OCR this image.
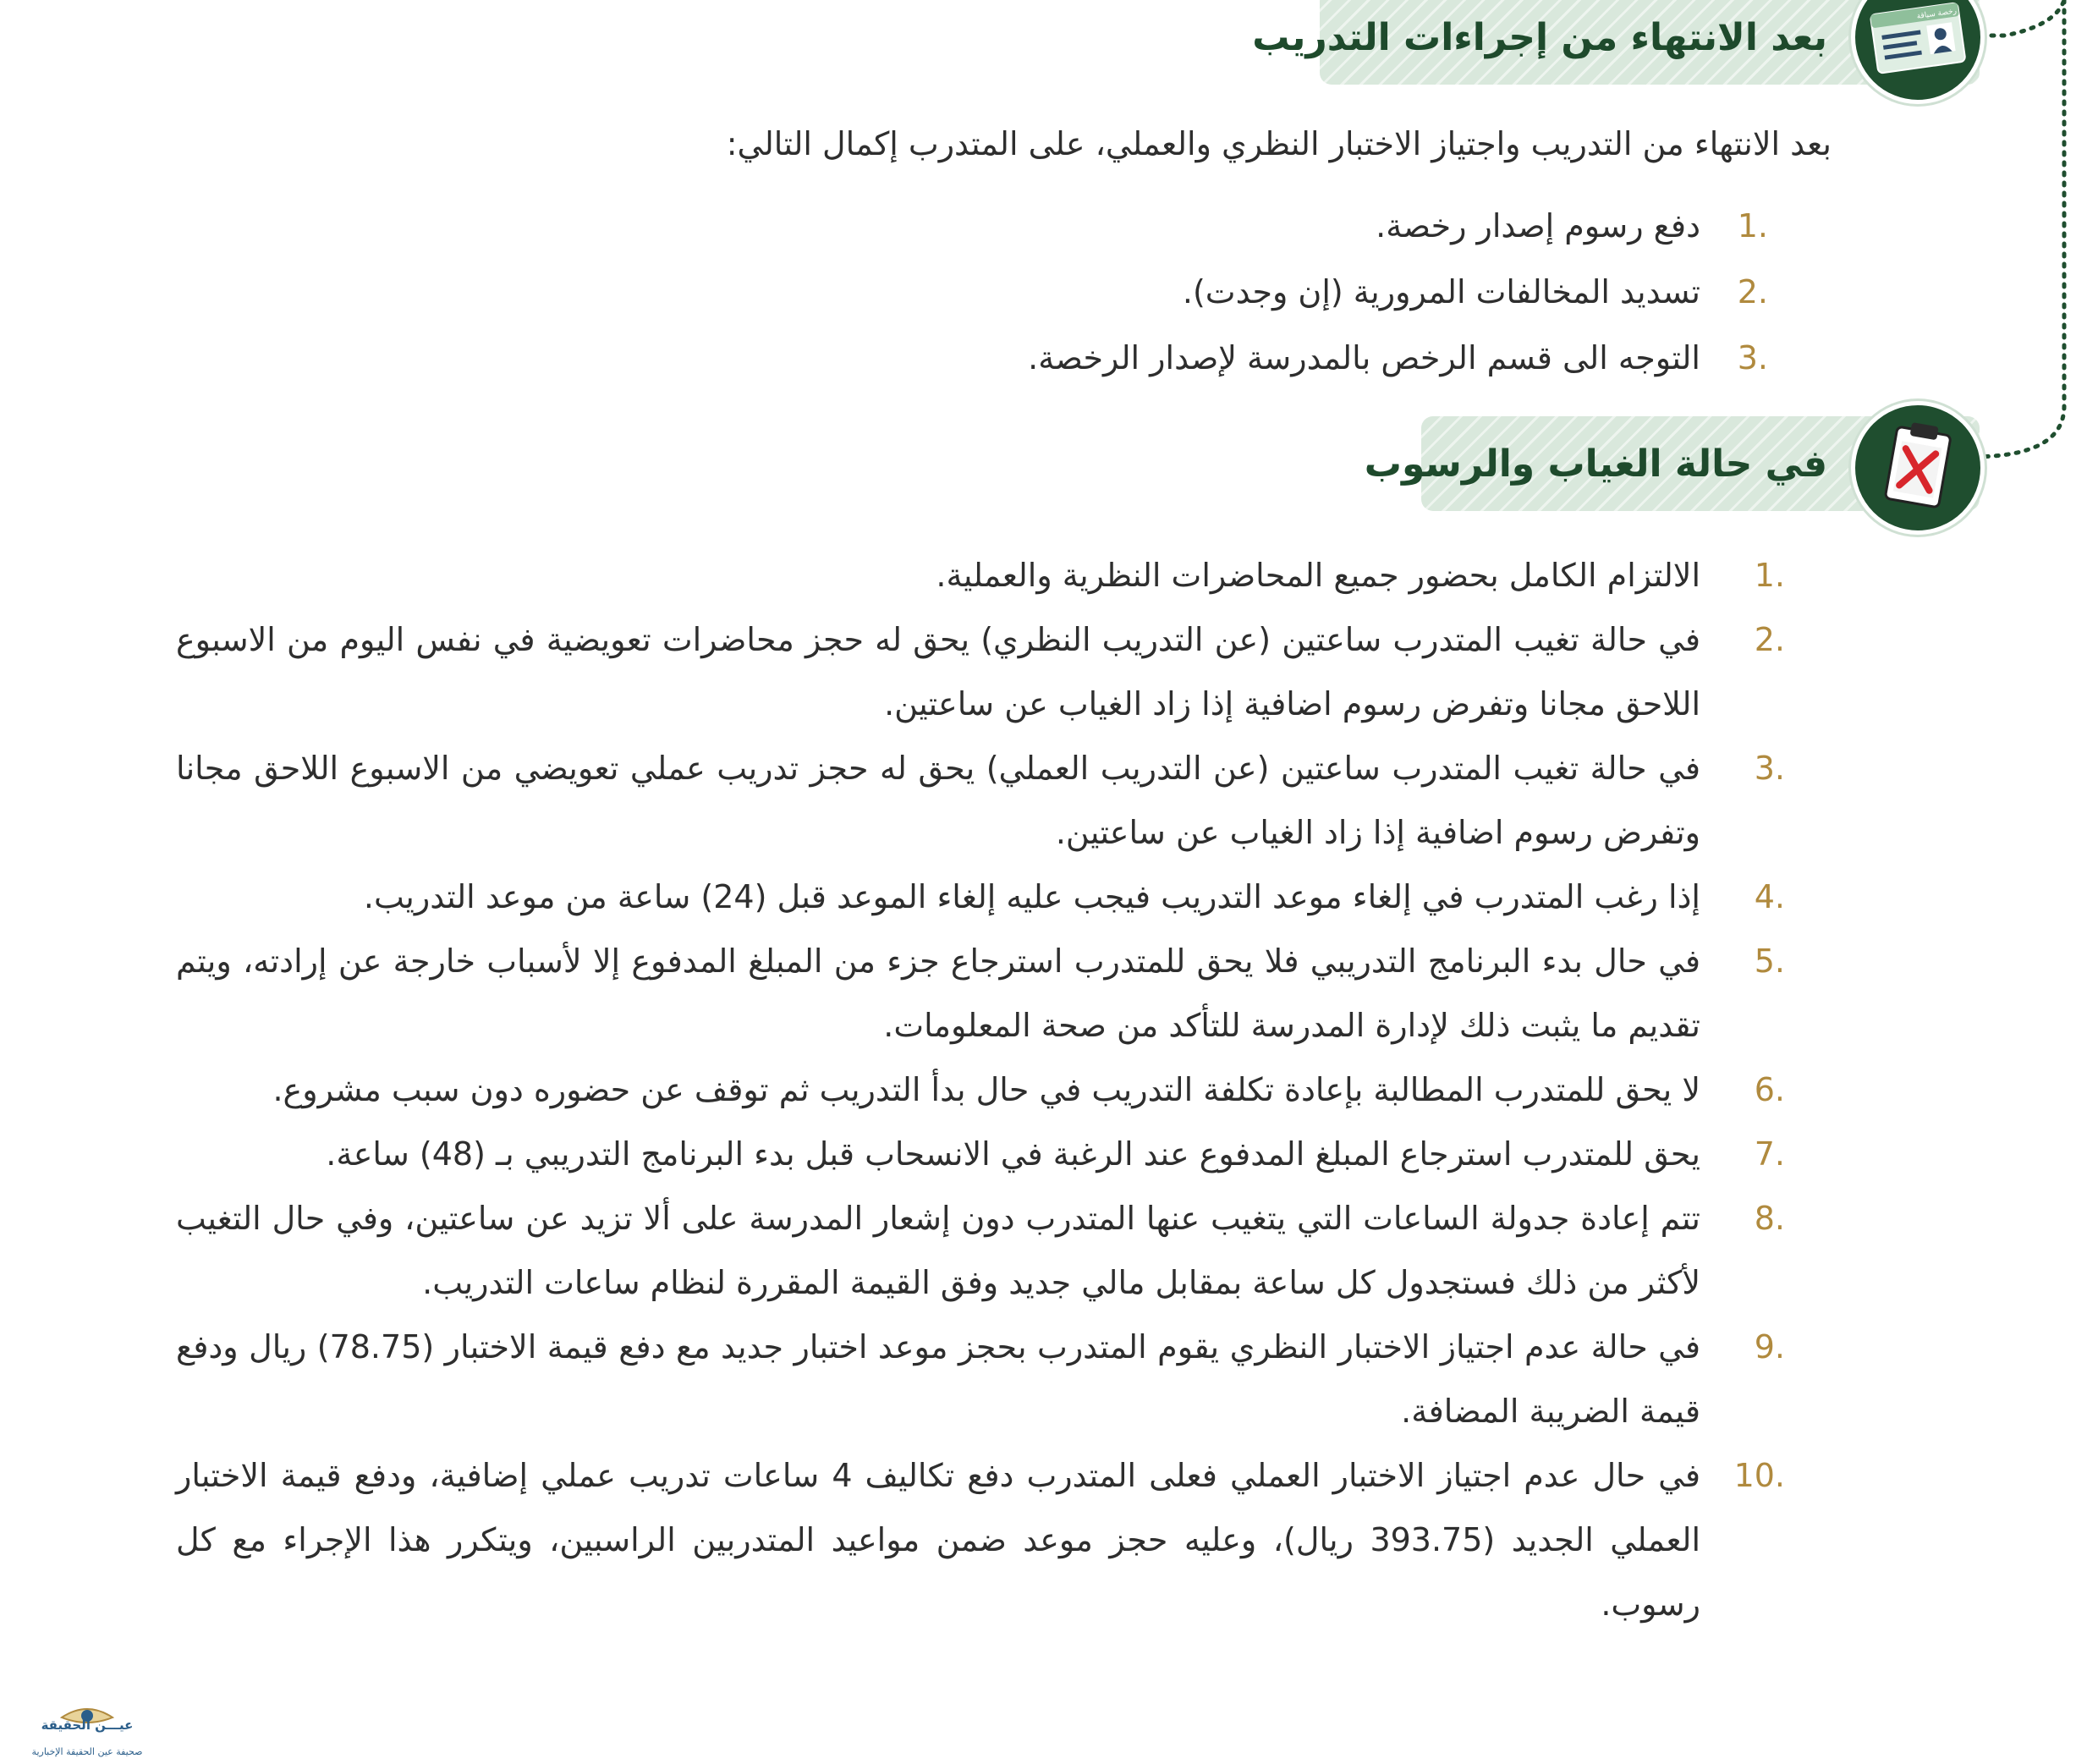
بعد الانتهاء من إجراءات التدريب
رخصة سياقة
بعد الانتهاء من التدريب واجتياز الاختبار النظري والعملي، على المتدرب إكمال التالي:
1.
دفع رسوم إصدار رخصة.
2.
تسديد المخالفات المرورية (إن وجدت).
3.
التوجه الى قسم الرخص بالمدرسة لإصدار الرخصة.
في حالة الغياب والرسوب
1.
الالتزام الكامل بحضور جميع المحاضرات النظرية والعملية.
2.
في حالة تغيب المتدرب ساعتين (عن التدريب النظري) يحق له حجز محاضرات تعويضية في نفس اليوم من الاسبوع اللاحق مجانا وتفرض رسوم اضافية إذا زاد الغياب عن ساعتين.
3.
في حالة تغيب المتدرب ساعتين (عن التدريب العملي) يحق له حجز تدريب عملي تعويضي من الاسبوع اللاحق مجانا وتفرض رسوم اضافية إذا زاد الغياب عن ساعتين.
4.
إذا رغب المتدرب في إلغاء موعد التدريب فيجب عليه إلغاء الموعد قبل (24) ساعة من موعد التدريب.
5.
في حال بدء البرنامج التدريبي فلا يحق للمتدرب استرجاع جزء من المبلغ المدفوع إلا لأسباب خارجة عن إرادته، ويتم تقديم ما يثبت ذلك لإدارة المدرسة للتأكد من صحة المعلومات.
6.
لا يحق للمتدرب المطالبة بإعادة تكلفة التدريب في حال بدأ التدريب ثم توقف عن حضوره دون سبب مشروع.
7.
يحق للمتدرب استرجاع المبلغ المدفوع عند الرغبة في الانسحاب قبل بدء البرنامج التدريبي بـ (48) ساعة.
8.
تتم إعادة جدولة الساعات التي يتغيب عنها المتدرب دون إشعار المدرسة على ألا تزيد عن ساعتين، وفي حال التغيب لأكثر من ذلك فستجدول كل ساعة بمقابل مالي جديد وفق القيمة المقررة لنظام ساعات التدريب.
9.
في حالة عدم اجتياز الاختبار النظري يقوم المتدرب بحجز موعد اختبار جديد مع دفع قيمة الاختبار (78.75) ريال ودفع قيمة الضريبة المضافة.
10.
في حال عدم اجتياز الاختبار العملي فعلى المتدرب دفع تكاليف 4 ساعات تدريب عملي إضافية، ودفع قيمة الاختبار العملي الجديد (393.75 ريال)، وعليه حجز موعد ضمن مواعيد المتدربين الراسبين، ويتكرر هذا الإجراء مع كل رسوب.
عيـــن الحقيقة
صحيفة عين الحقيقة الإخبارية
